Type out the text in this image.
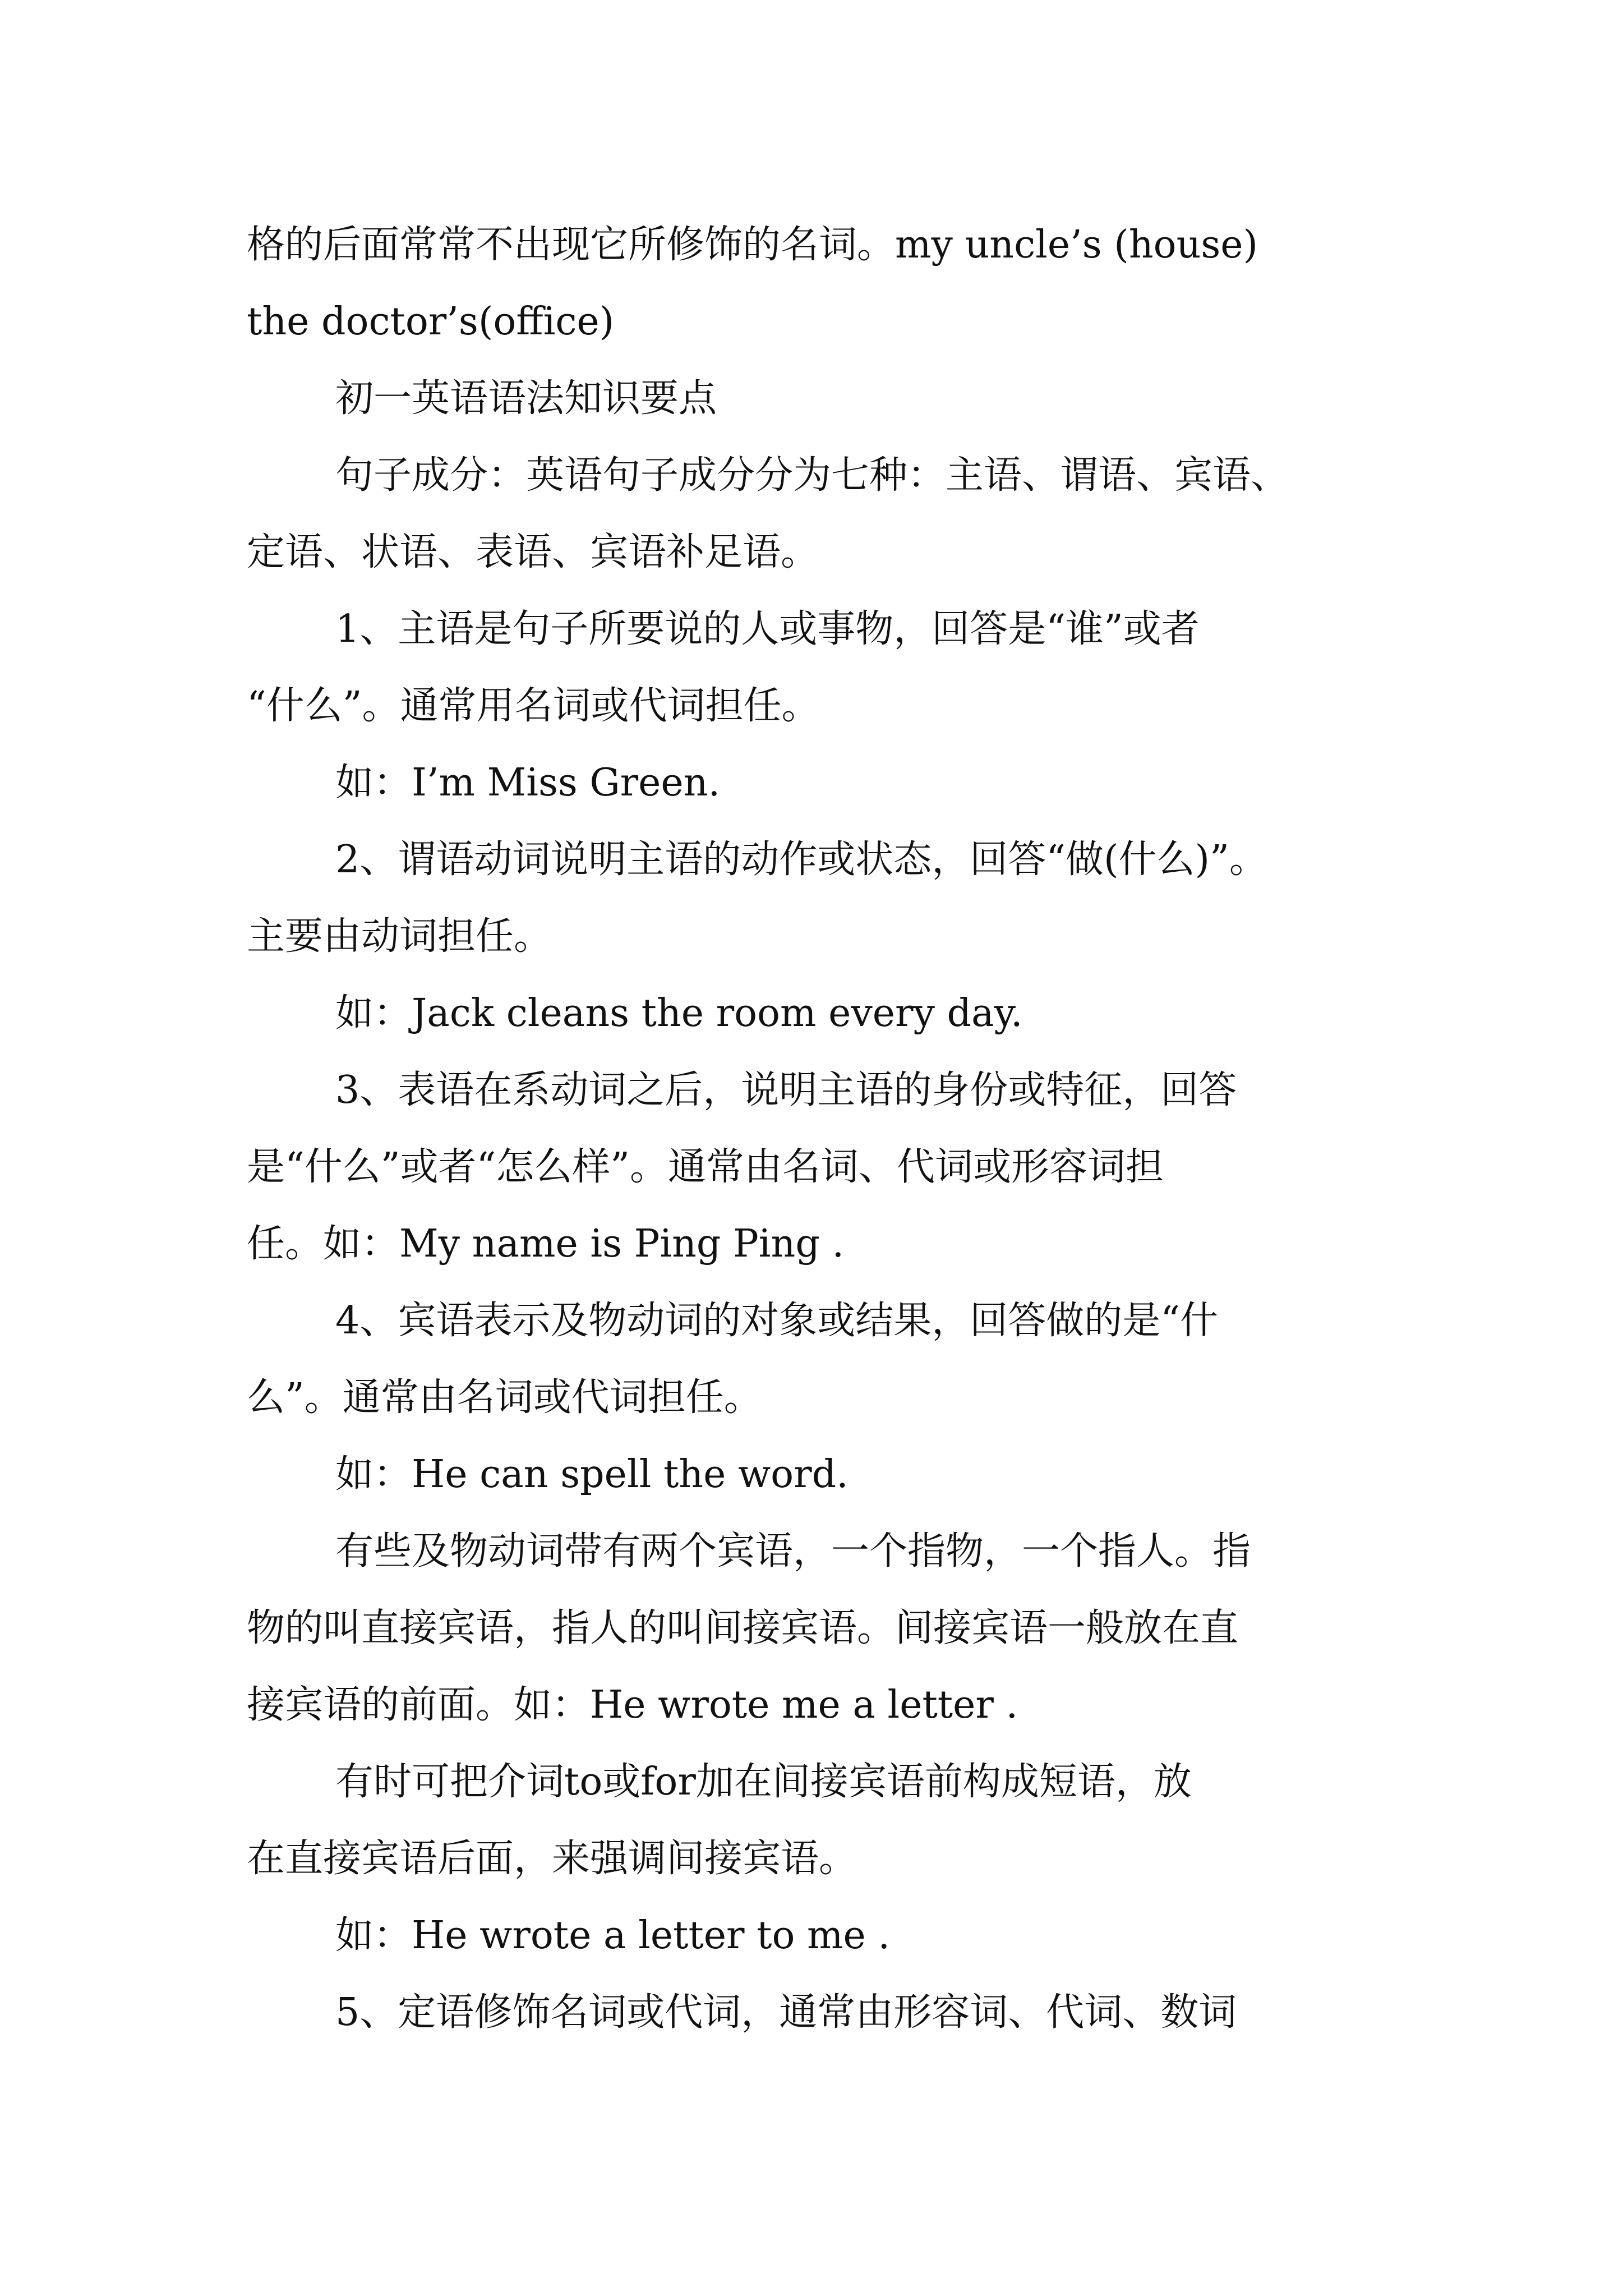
格的后面常常不出现它所修饰的名词。my uncle’s (house)
the doctor’s(office)
初一英语语法知识要点
句子成分：英语句子成分分为七种：主语、谓语、宾语、
定语、状语、表语、宾语补足语。
1、主语是句子所要说的人或事物，回答是“谁”或者
“什么”。通常用名词或代词担任。
如：I’m Miss Green.
2、谓语动词说明主语的动作或状态，回答“做(什么)”。
主要由动词担任。
如：Jack cleans the room every day.
3、表语在系动词之后，说明主语的身份或特征，回答
是“什么”或者“怎么样”。通常由名词、代词或形容词担
任。如：My name is Ping Ping .
4、宾语表示及物动词的对象或结果，回答做的是“什
么”。通常由名词或代词担任。
如：He can spell the word.
有些及物动词带有两个宾语，一个指物，一个指人。指
物的叫直接宾语，指人的叫间接宾语。间接宾语一般放在直
接宾语的前面。如：He wrote me a letter .
有时可把介词to或for加在间接宾语前构成短语，放
在直接宾语后面，来强调间接宾语。
如：He wrote a letter to me .
5、定语修饰名词或代词，通常由形容词、代词、数词
